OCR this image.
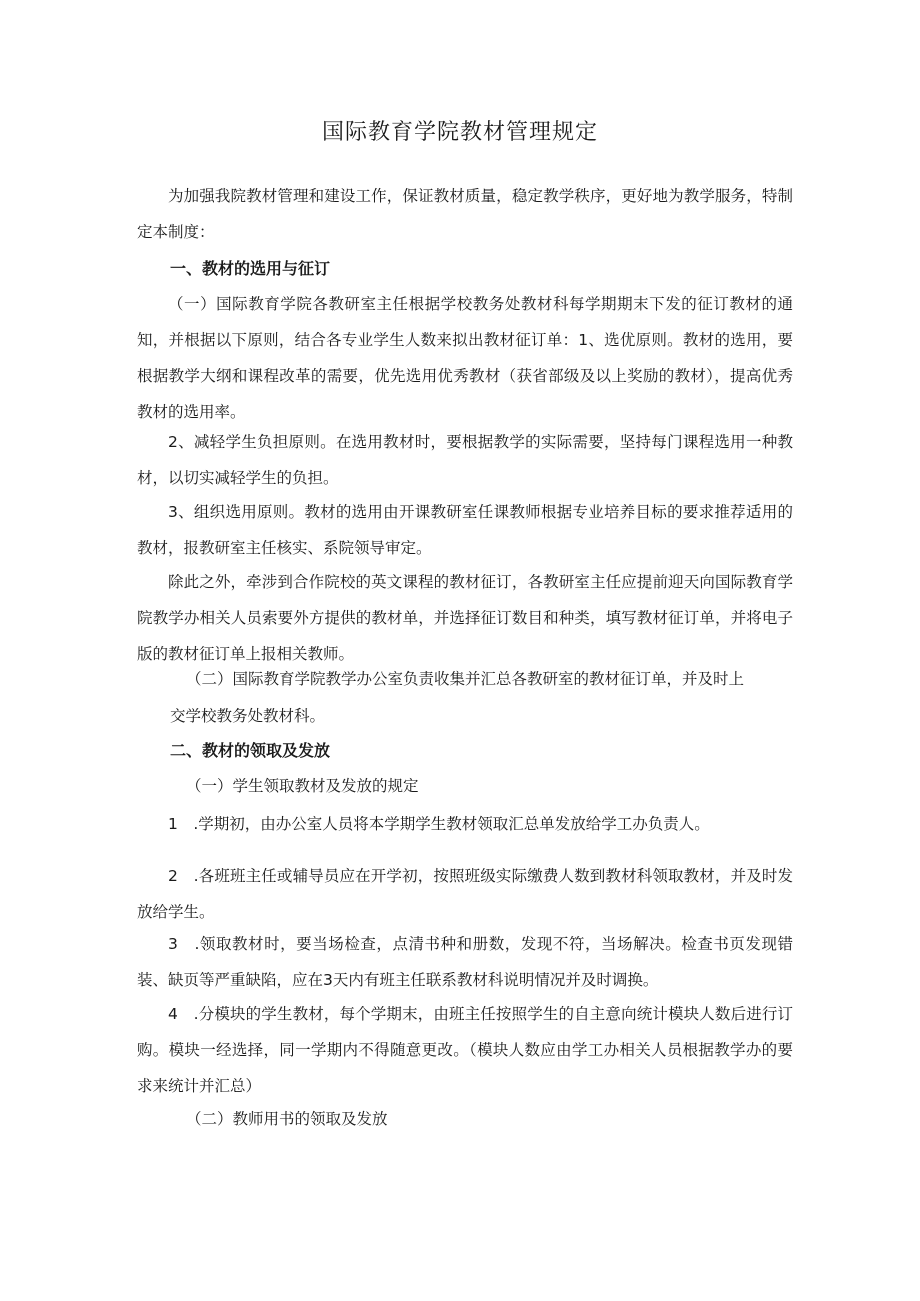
国际教育学院教材管理规定

为加强我院教材管理和建设工作，保证教材质量，稳定教学秩序，更好地为教学服务，特制定本制度：

一、教材的选用与征订

（一）国际教育学院各教研室主任根据学校教务处教材科每学期期末下发的征订教材的通知，并根据以下原则，结合各专业学生人数来拟出教材征订单：1、选优原则。教材的选用，要根据教学大纲和课程改革的需要，优先选用优秀教材（获省部级及以上奖励的教材），提高优秀教材的选用率。

2、减轻学生负担原则。在选用教材时，要根据教学的实际需要，坚持每门课程选用一种教材，以切实减轻学生的负担。

3、组织选用原则。教材的选用由开课教研室任课教师根据专业培养目标的要求推荐适用的教材，报教研室主任核实、系院领导审定。

除此之外，牵涉到合作院校的英文课程的教材征订，各教研室主任应提前迎天向国际教育学院教学办相关人员索要外方提供的教材单，并选择征订数目和种类，填写教材征订单，并将电子版的教材征订单上报相关教师。

（二）国际教育学院教学办公室负责收集并汇总各教研室的教材征订单，并及时上

交学校教务处教材科。

二、教材的领取及发放

（一）学生领取教材及发放的规定

1　.学期初，由办公室人员将本学期学生教材领取汇总单发放给学工办负责人。

2　.各班班主任或辅导员应在开学初，按照班级实际缴费人数到教材科领取教材，并及时发放给学生。

3　.领取教材时，要当场检查，点清书种和册数，发现不符，当场解决。检查书页发现错装、缺页等严重缺陷，应在3天内有班主任联系教材科说明情况并及时调换。

4　.分模块的学生教材，每个学期末，由班主任按照学生的自主意向统计模块人数后进行订购。模块一经选择，同一学期内不得随意更改。（模块人数应由学工办相关人员根据教学办的要求来统计并汇总）

（二）教师用书的领取及发放
